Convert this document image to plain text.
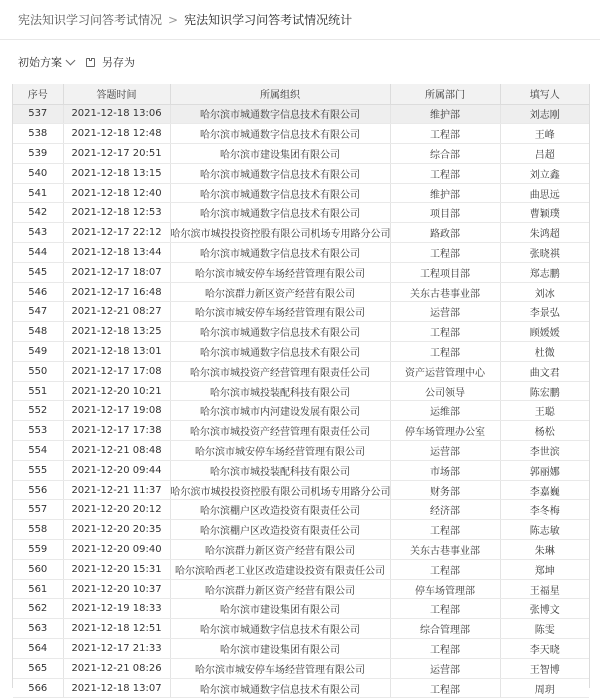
宪法知识学习问答考试情况 > 宪法知识学习问答考试情况统计
初始方案	另存为
序号	答题时间	所属组织	所属部门	填写人
537	2021-12-18 13:06	哈尔滨市城通数字信息技术有限公司	维护部	刘志刚
538	2021-12-18 12:48	哈尔滨市城通数字信息技术有限公司	工程部	王峰
539	2021-12-17 20:51	哈尔滨市建设集团有限公司	综合部	吕超
540	2021-12-18 13:15	哈尔滨市城通数字信息技术有限公司	工程部	刘立鑫
541	2021-12-18 12:40	哈尔滨市城通数字信息技术有限公司	维护部	曲思远
542	2021-12-18 12:53	哈尔滨市城通数字信息技术有限公司	项目部	曹颖璞
543	2021-12-17 22:12	哈尔滨市城投投资控股有限公司机场专用路分公司	路政部	朱鸿超
544	2021-12-18 13:44	哈尔滨市城通数字信息技术有限公司	工程部	张晓祺
545	2021-12-17 18:07	哈尔滨市城安停车场经营管理有限公司	工程项目部	郑志鹏
546	2021-12-17 16:48	哈尔滨群力新区资产经营有限公司	关东古巷事业部	刘冰
547	2021-12-21 08:27	哈尔滨市城安停车场经营管理有限公司	运营部	李景弘
548	2021-12-18 13:25	哈尔滨市城通数字信息技术有限公司	工程部	顾媛媛
549	2021-12-18 13:01	哈尔滨市城通数字信息技术有限公司	工程部	杜微
550	2021-12-17 17:08	哈尔滨市城投资产经营管理有限责任公司	资产运营管理中心	曲文君
551	2021-12-20 10:21	哈尔滨市城投装配科技有限公司	公司领导	陈宏鹏
552	2021-12-17 19:08	哈尔滨市城市内河建设发展有限公司	运维部	王聪
553	2021-12-17 17:38	哈尔滨市城投资产经营管理有限责任公司	停车场管理办公室	杨松
554	2021-12-21 08:48	哈尔滨市城安停车场经营管理有限公司	运营部	李世滨
555	2021-12-20 09:44	哈尔滨市城投装配科技有限公司	市场部	郭丽娜
556	2021-12-21 11:37	哈尔滨市城投投资控股有限公司机场专用路分公司	财务部	李嘉巍
557	2021-12-20 20:12	哈尔滨棚户区改造投资有限责任公司	经济部	李冬梅
558	2021-12-20 20:35	哈尔滨棚户区改造投资有限责任公司	工程部	陈志敏
559	2021-12-20 09:40	哈尔滨群力新区资产经营有限公司	关东古巷事业部	朱琳
560	2021-12-20 15:31	哈尔滨哈西老工业区改造建设投资有限责任公司	工程部	郑坤
561	2021-12-20 10:37	哈尔滨群力新区资产经营有限公司	停车场管理部	王福星
562	2021-12-19 18:33	哈尔滨市建设集团有限公司	工程部	张博文
563	2021-12-18 12:51	哈尔滨市城通数字信息技术有限公司	综合管理部	陈雯
564	2021-12-17 21:33	哈尔滨市建设集团有限公司	工程部	李天晓
565	2021-12-21 08:26	哈尔滨市城安停车场经营管理有限公司	运营部	王智博
566	2021-12-18 13:07	哈尔滨市城通数字信息技术有限公司	工程部	周玥
